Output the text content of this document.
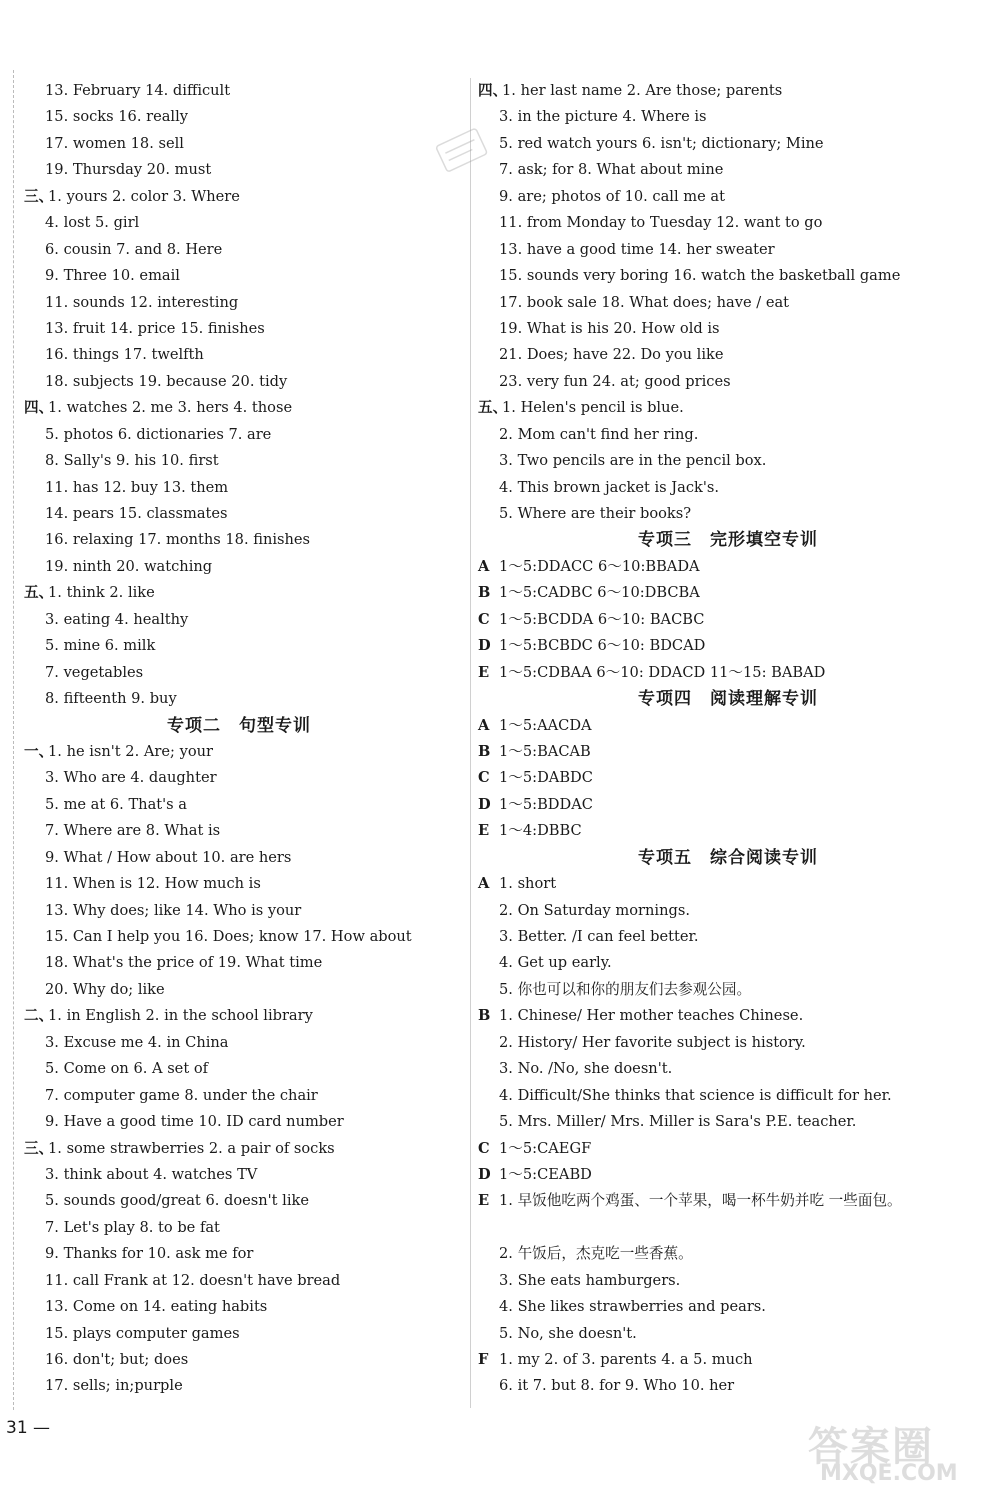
13. February 14. difficult
15. socks 16. really
17. women 18. sell
19. Thursday 20. must
三、
1. yours 2. color 3. Where
4. lost 5. girl
6. cousin 7. and 8. Here
9. Three 10. email
11. sounds 12. interesting
13. fruit 14. price 15. finishes
16. things 17. twelfth
18. subjects 19. because 20. tidy
四、
1. watches 2. me 3. hers 4. those
5. photos 6. dictionaries 7. are
8. Sally's 9. his 10. first
11. has 12. buy 13. them
14. pears 15. classmates
16. relaxing 17. months 18. finishes
19. ninth 20. watching
五、
1. think 2. like
3. eating 4. healthy
5. mine 6. milk
7. vegetables
8. fifteenth 9. buy
专项二　句型专训
一、
1. he isn't 2. Are; your
3. Who are 4. daughter
5. me at 6. That's a
7. Where are 8. What is
9. What / How about 10. are hers
11. When is 12. How much is
13. Why does; like 14. Who is your
15. Can I help you 16. Does; know 17. How about
18. What's the price of 19. What time
20. Why do; like
二、
1. in English 2. in the school library
3. Excuse me 4. in China
5. Come on 6. A set of
7. computer game 8. under the chair
9. Have a good time 10. ID card number
三、
1. some strawberries 2. a pair of socks
3. think about 4. watches TV
5. sounds good/great 6. doesn't like
7. Let's play 8. to be fat
9. Thanks for 10. ask me for
11. call Frank at 12. doesn't have bread
13. Come on 14. eating habits
15. plays computer games
16. don't; but; does
17. sells; in;purple
四、
1. her last name 2. Are those; parents
3. in the picture 4. Where is
5. red watch yours 6. isn't; dictionary; Mine
7. ask; for 8. What about mine
9. are; photos of 10. call me at
11. from Monday to Tuesday 12. want to go
13. have a good time 14. her sweater
15. sounds very boring 16. watch the basketball game
17. book sale 18. What does; have / eat
19. What is his 20. How old is
21. Does; have 22. Do you like
23. very fun 24. at; good prices
五、
1. Helen's pencil is blue.
2. Mom can't find her ring.
3. Two pencils are in the pencil box.
4. This brown jacket is Jack's.
5. Where are their books?
专项三　完形填空专训
A 1～5:DDACC 6～10:BBADA
B 1～5:CADBC 6～10:DBCBA
C 1～5:BCDDA 6～10: BACBC
D 1～5:BCBDC 6～10: BDCAD
E 1～5:CDBAA 6～10: DDACD 11～15: BABAD
专项四　阅读理解专训
A 1～5:AACDA
B 1～5:BACAB
C 1～5:DABDC
D 1～5:BDDAC
E 1～4:DBBC
专项五　综合阅读专训
A 1. short
2. On Saturday mornings.
3. Better. /I can feel better.
4. Get up early.
5. 你也可以和你的朋友们去参观公园。
B 1. Chinese/ Her mother teaches Chinese.
2. History/ Her favorite subject is history.
3. No. /No, she doesn't.
4. Difficult/She thinks that science is difficult for her.
5. Mrs. Miller/ Mrs. Miller is Sara's P.E. teacher.
C 1～5:CAEGF
D 1～5:CEABD
E 1. 早饭他吃两个鸡蛋、一个苹果，喝一杯牛奶并吃 一些面包。
2. 午饭后，杰克吃一些香蕉。
3. She eats hamburgers.
4. She likes strawberries and pears.
5. No, she doesn't.
F 1. my 2. of 3. parents 4. a 5. much
6. it 7. but 8. for 9. Who 10. her
31 —	答案圈
MXQE.COM
